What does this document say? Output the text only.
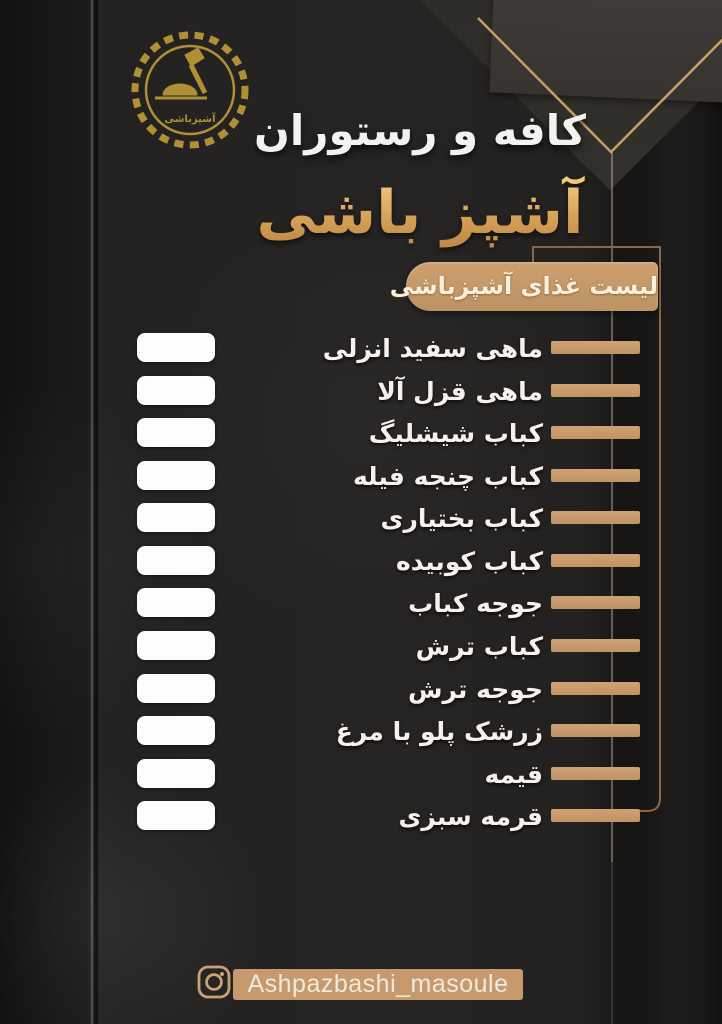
آشپزباشی کافه و رستوران
آشپز باشی
لیست غذای آشپزباشی
ماهی سفید انزلی
ماهی قزل آلا
کباب شیشلیگ
کباب چنجه فیله
کباب بختیاری
کباب کوبیده
جوجه کباب
کباب ترش
جوجه ترش
زرشک پلو با مرغ
قیمه
قرمه سبزی
Ashpazbashi_masoule
